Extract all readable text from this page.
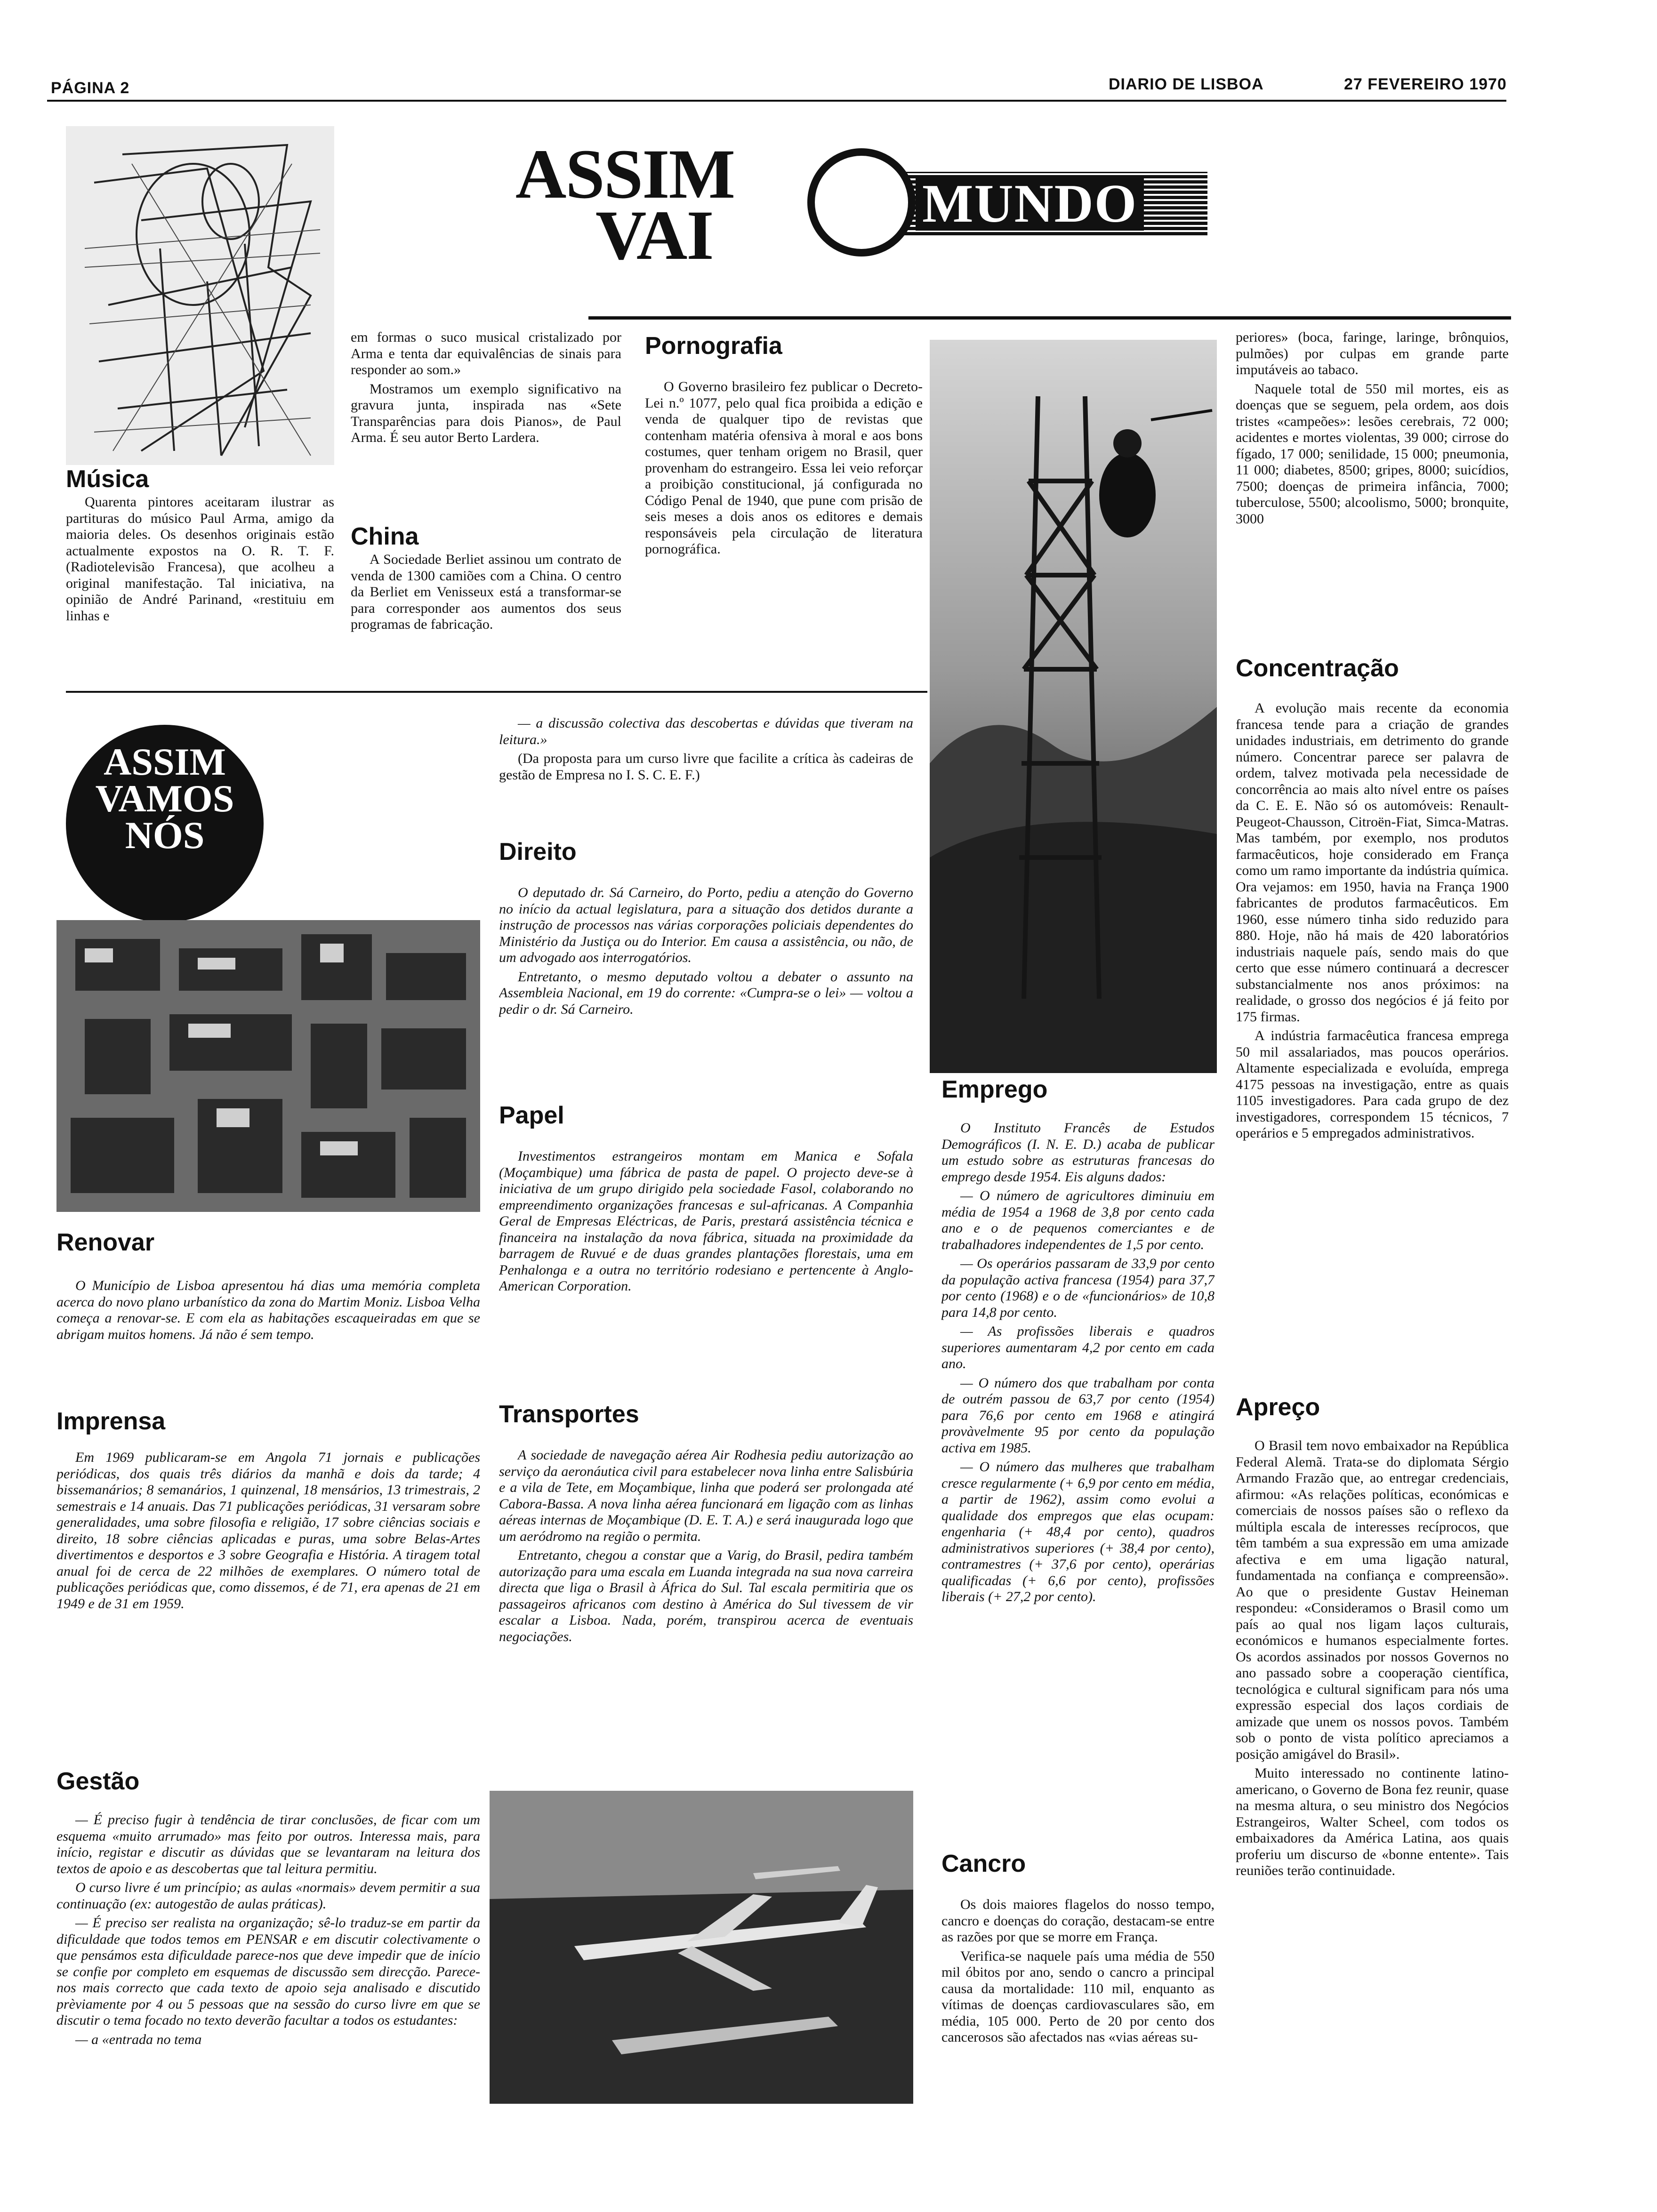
PÁGINA 2	DIARIO DE LISBOA	27 FEVEREIRO 1970
ASSIM
VAI	MUNDO
Música

Quarenta pintores aceitaram ilustrar as partituras do músico Paul Arma, amigo da maioria deles. Os desenhos originais estão actualmente expostos na O. R. T. F. (Radiotelevisão Francesa), que acolheu a original manifestação. Tal iniciativa, na opinião de André Parinand, «restituiu em linhas e

em formas o suco musical cristalizado por Arma e tenta dar equivalências de sinais para responder ao som.»

Mostramos um exemplo significativo na gravura junta, inspirada nas «Sete Transparências para dois Pianos», de Paul Arma. É seu autor Berto Lardera.

China

A Sociedade Berliet assinou um contrato de venda de 1300 camiões com a China. O centro da Berliet em Venisseux está a transformar-se para corresponder aos aumentos dos seus programas de fabricação.

Pornografia

O Governo brasileiro fez publicar o Decreto-Lei n.º 1077, pelo qual fica proibida a edição e venda de qualquer tipo de revistas que contenham matéria ofensiva à moral e aos bons costumes, quer tenham origem no Brasil, quer provenham do estrangeiro. Essa lei veio reforçar a proibição constitucional, já configurada no Código Penal de 1940, que pune com prisão de seis meses a dois anos os editores e demais responsáveis pela circulação de literatura pornográfica.

periores» (boca, faringe, laringe, brônquios, pulmões) por culpas em grande parte imputáveis ao tabaco.

Naquele total de 550 mil mortes, eis as doenças que se seguem, pela ordem, aos dois tristes «campeões»: lesões cerebrais, 72 000; acidentes e mortes violentas, 39 000; cirrose do fígado, 17 000; senilidade, 15 000; pneumonia, 11 000; diabetes, 8500; gripes, 8000; suicídios, 7500; doenças de primeira infância, 7000; tuberculose, 5500; alcoolismo, 5000; bronquite, 3000

Concentração

A evolução mais recente da economia francesa tende para a criação de grandes unidades industriais, em detrimento do grande número. Concentrar parece ser palavra de ordem, talvez motivada pela necessidade de concorrência ao mais alto nível entre os países da C. E. E. Não só os automóveis: Renault-Peugeot-Chausson, Citroën-Fiat, Simca-Matras. Mas também, por exemplo, nos produtos farmacêuticos, hoje considerado em França como um ramo importante da indústria química. Ora vejamos: em 1950, havia na França 1900 fabricantes de produtos farmacêuticos. Em 1960, esse número tinha sido reduzido para 880. Hoje, não há mais de 420 laboratórios industriais naquele país, sendo mais do que certo que esse número continuará a decrescer substancialmente nos anos próximos: na realidade, o grosso dos negócios é já feito por 175 firmas.

A indústria farmacêutica francesa emprega 50 mil assalariados, mas poucos operários. Altamente especializada e evoluída, emprega 4175 pessoas na investigação, entre as quais 1105 investigadores. Para cada grupo de dez investigadores, correspondem 15 técnicos, 7 operários e 5 empregados administrativos.

Apreço

O Brasil tem novo embaixador na República Federal Alemã. Trata-se do diplomata Sérgio Armando Frazão que, ao entregar credenciais, afirmou: «As relações políticas, económicas e comerciais de nossos países são o reflexo da múltipla escala de interesses recíprocos, que têm também a sua expressão em uma amizade afectiva e em uma ligação natural, fundamentada na confiança e compreensão». Ao que o presidente Gustav Heineman respondeu: «Consideramos o Brasil como um país ao qual nos ligam laços culturais, económicos e humanos especialmente fortes. Os acordos assinados por nossos Governos no ano passado sobre a cooperação científica, tecnológica e cultural significam para nós uma expressão especial dos laços cordiais de amizade que unem os nossos povos. Também sob o ponto de vista político apreciamos a posição amigável do Brasil».

Muito interessado no continente latino-americano, o Governo de Bona fez reunir, quase na mesma altura, o seu ministro dos Negócios Estrangeiros, Walter Scheel, com todos os embaixadores da América Latina, aos quais proferiu um discurso de «bonne entente». Tais reuniões terão continuidade.

ASSIM
VAMOS
NÓS
Renovar

O Município de Lisboa apresentou há dias uma memória completa acerca do novo plano urbanístico da zona do Martim Moniz. Lisboa Velha começa a renovar-se. E com ela as habitações escaqueiradas em que se abrigam muitos homens. Já não é sem tempo.

Imprensa

Em 1969 publicaram-se em Angola 71 jornais e publicações periódicas, dos quais três diários da manhã e dois da tarde; 4 bissemanários; 8 semanários, 1 quinzenal, 18 mensários, 13 trimestrais, 2 semestrais e 14 anuais. Das 71 publicações periódicas, 31 versaram sobre generalidades, uma sobre filosofia e religião, 17 sobre ciências sociais e direito, 18 sobre ciências aplicadas e puras, uma sobre Belas-Artes divertimentos e desportos e 3 sobre Geografia e História. A tiragem total anual foi de cerca de 22 milhões de exemplares. O número total de publicações periódicas que, como dissemos, é de 71, era apenas de 21 em 1949 e de 31 em 1959.

Gestão

— É preciso fugir à tendência de tirar conclusões, de ficar com um esquema «muito arrumado» mas feito por outros. Interessa mais, para início, registar e discutir as dúvidas que se levantaram na leitura dos textos de apoio e as descobertas que tal leitura permitiu.

O curso livre é um princípio; as aulas «normais» devem permitir a sua continuação (ex: autogestão de aulas práticas).

— É preciso ser realista na organização; sê-lo traduz-se em partir da dificuldade que todos temos em PENSAR e em discutir colectivamente o que pensámos esta dificuldade parece-nos que deve impedir que de início se confie por completo em esquemas de discussão sem direcção. Parece-nos mais correcto que cada texto de apoio seja analisado e discutido prèviamente por 4 ou 5 pessoas que na sessão do curso livre em que se discutir o tema focado no texto deverão facultar a todos os estudantes:

— a «entrada no tema

— a discussão colectiva das descobertas e dúvidas que tiveram na leitura.»

(Da proposta para um curso livre que facilite a crítica às cadeiras de gestão de Empresa no I. S. C. E. F.)

Direito

O deputado dr. Sá Carneiro, do Porto, pediu a atenção do Governo no início da actual legislatura, para a situação dos detidos durante a instrução de processos nas várias corporações policiais dependentes do Ministério da Justiça ou do Interior. Em causa a assistência, ou não, de um advogado aos interrogatórios.

Entretanto, o mesmo deputado voltou a debater o assunto na Assembleia Nacional, em 19 do corrente: «Cumpra-se o lei» — voltou a pedir o dr. Sá Carneiro.

Papel

Investimentos estrangeiros montam em Manica e Sofala (Moçambique) uma fábrica de pasta de papel. O projecto deve-se à iniciativa de um grupo dirigido pela sociedade Fasol, colaborando no empreendimento organizações francesas e sul-africanas. A Companhia Geral de Empresas Eléctricas, de Paris, prestará assistência técnica e financeira na instalação da nova fábrica, situada na proximidade da barragem de Ruvué e de duas grandes plantações florestais, uma em Penhalonga e a outra no território rodesiano e pertencente à Anglo-American Corporation.

Transportes

A sociedade de navegação aérea Air Rodhesia pediu autorização ao serviço da aeronáutica civil para estabelecer nova linha entre Salisbúria e a vila de Tete, em Moçambique, linha que poderá ser prolongada até Cabora-Bassa. A nova linha aérea funcionará em ligação com as linhas aéreas internas de Moçambique (D. E. T. A.) e será inaugurada logo que um aeródromo na região o permita.

Entretanto, chegou a constar que a Varig, do Brasil, pedira também autorização para uma escala em Luanda integrada na sua nova carreira directa que liga o Brasil à África do Sul. Tal escala permitiria que os passageiros africanos com destino à América do Sul tivessem de vir escalar a Lisboa. Nada, porém, transpirou acerca de eventuais negociações.

Emprego

O Instituto Francês de Estudos Demográficos (I. N. E. D.) acaba de publicar um estudo sobre as estruturas francesas do emprego desde 1954. Eis alguns dados:

— O número de agricultores diminuiu em média de 1954 a 1968 de 3,8 por cento cada ano e o de pequenos comerciantes e de trabalhadores independentes de 1,5 por cento.

— Os operários passaram de 33,9 por cento da população activa francesa (1954) para 37,7 por cento (1968) e o de «funcionários» de 10,8 para 14,8 por cento.

— As profissões liberais e quadros superiores aumentaram 4,2 por cento em cada ano.

— O número dos que trabalham por conta de outrém passou de 63,7 por cento (1954) para 76,6 por cento em 1968 e atingirá provàvelmente 95 por cento da população activa em 1985.

— O número das mulheres que trabalham cresce regularmente (+ 6,9 por cento em média, a partir de 1962), assim como evolui a qualidade dos empregos que elas ocupam: engenharia (+ 48,4 por cento), quadros administrativos superiores (+ 38,4 por cento), contramestres (+ 37,6 por cento), operárias qualificadas (+ 6,6 por cento), profissões liberais (+ 27,2 por cento).

Cancro

Os dois maiores flagelos do nosso tempo, cancro e doenças do coração, destacam-se entre as razões por que se morre em França.

Verifica-se naquele país uma média de 550 mil óbitos por ano, sendo o cancro a principal causa da mortalidade: 110 mil, enquanto as vítimas de doenças cardiovasculares são, em média, 105 000. Perto de 20 por cento dos cancerosos são afectados nas «vias aéreas su-
